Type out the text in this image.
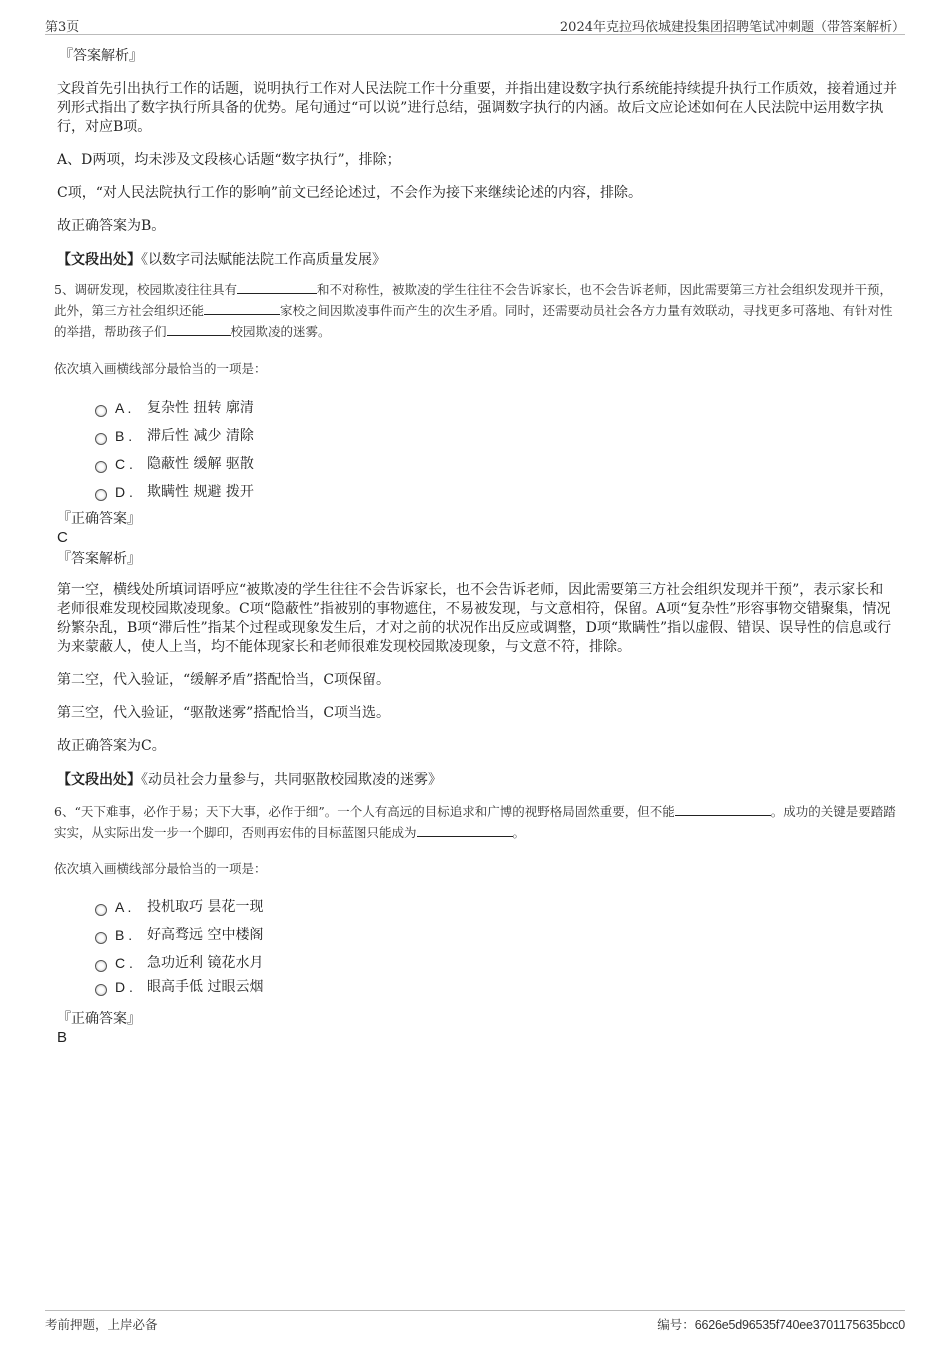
第3页	2024年克拉玛依城建投集团招聘笔试冲刺题（带答案解析）

『答案解析』

文段首先引出执行工作的话题，说明执行工作对人民法院工作十分重要，并指出建设数字执行系统能持续提升执行工作质效，接着通过并列形式指出了数字执行所具备的优势。尾句通过“可以说”进行总结，强调数字执行的内涵。故后文应论述如何在人民法院中运用数字执行，对应B项。

A、D两项，均未涉及文段核心话题“数字执行”，排除；

C项，“对人民法院执行工作的影响”前文已经论述过，不会作为接下来继续论述的内容，排除。

故正确答案为B。

【文段出处】《以数字司法赋能法院工作高质量发展》

5、调研发现，校园欺凌往往具有	和不对称性，被欺凌的学生往往不会告诉家长，也不会告诉老师，因此需要第三方社会组织发现并干预，此外，第三方社会组织还能	家校之间因欺凌事件而产生的次生矛盾。同时，还需要动员社会各方力量有效联动，寻找更多可落地、有针对性的举措，帮助孩子们	校园欺凌的迷雾。

依次填入画横线部分最恰当的一项是：

A .	复杂性 扭转 廓清
B .	滞后性 减少 清除
C .	隐蔽性 缓解 驱散
D .	欺瞒性 规避 拨开

『正确答案』

C

『答案解析』

第一空，横线处所填词语呼应“被欺凌的学生往往不会告诉家长，也不会告诉老师，因此需要第三方社会组织发现并干预”，表示家长和老师很难发现校园欺凌现象。C项“隐蔽性”指被别的事物遮住，不易被发现，与文意相符，保留。A项“复杂性”形容事物交错聚集，情况纷繁杂乱，B项“滞后性”指某个过程或现象发生后，才对之前的状况作出反应或调整，D项“欺瞒性”指以虚假、错误、误导性的信息或行为来蒙蔽人，使人上当，均不能体现家长和老师很难发现校园欺凌现象，与文意不符，排除。

第二空，代入验证，“缓解矛盾”搭配恰当，C项保留。

第三空，代入验证，“驱散迷雾”搭配恰当，C项当选。

故正确答案为C。

【文段出处】《动员社会力量参与，共同驱散校园欺凌的迷雾》

6、“天下难事，必作于易；天下大事，必作于细”。一个人有高远的目标追求和广博的视野格局固然重要，但不能	。成功的关键是要踏踏实实，从实际出发一步一个脚印，否则再宏伟的目标蓝图只能成为	。

依次填入画横线部分最恰当的一项是：

A .	投机取巧 昙花一现
B .	好高骛远 空中楼阁
C .	急功近利 镜花水月
D .	眼高手低 过眼云烟

『正确答案』

B

考前押题，上岸必备	编号：6626e5d96535f740ee3701175635bcc0
